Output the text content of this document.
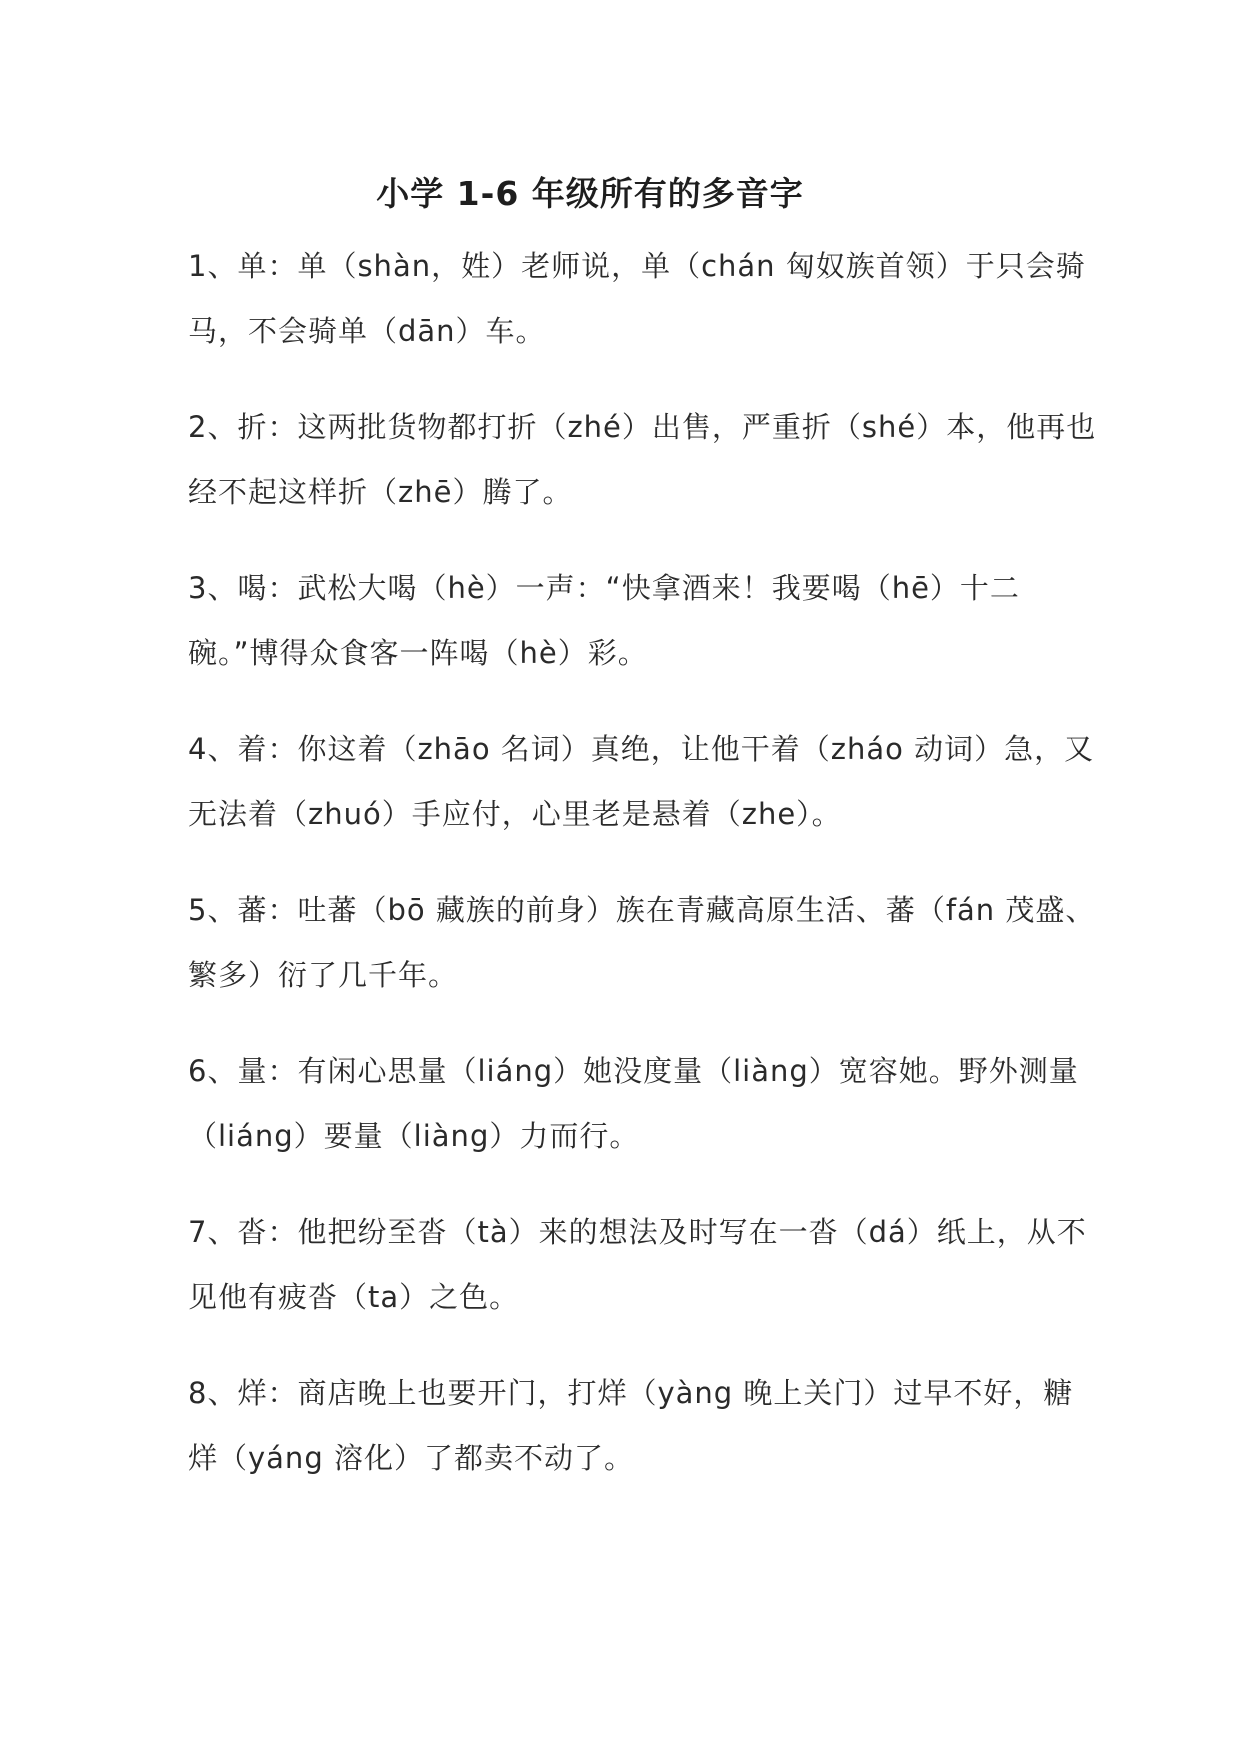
小学 1-6 年级所有的多音字
1、单：单（shàn，姓）老师说，单（chán 匈奴族首领）于只会骑
马，不会骑单（dān）车。
2、折：这两批货物都打折（zhé）出售，严重折（shé）本，他再也
经不起这样折（zhē）腾了。
3、喝：武松大喝（hè）一声：“快拿酒来！我要喝（hē）十二
碗。”博得众食客一阵喝（hè）彩。
4、着：你这着（zhāo 名词）真绝，让他干着（zháo 动词）急，又
无法着（zhuó）手应付，心里老是悬着（zhe）。
5、蕃：吐蕃（bō 藏族的前身）族在青藏高原生活、蕃（fán 茂盛、
繁多）衍了几千年。
6、量：有闲心思量（liáng）她没度量（liàng）宽容她。野外测量
（liáng）要量（liàng）力而行。
7、沓：他把纷至沓（tà）来的想法及时写在一沓（dá）纸上，从不
见他有疲沓（ta）之色。
8、烊：商店晚上也要开门，打烊（yàng 晚上关门）过早不好，糖
烊（yáng 溶化）了都卖不动了。
